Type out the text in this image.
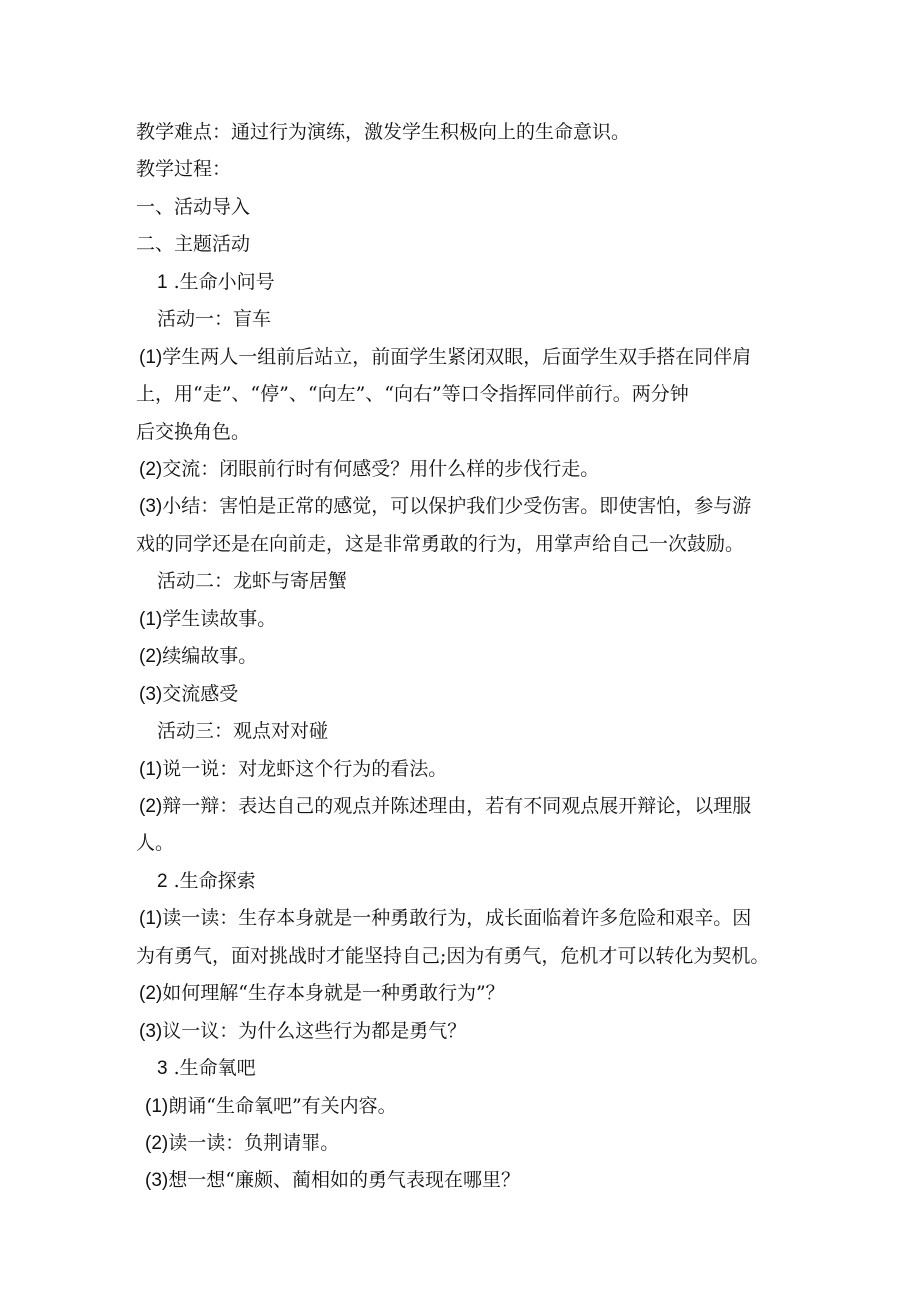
教学难点：通过行为演练，激发学生积极向上的生命意识。
教学过程：
一、活动导入
二、主题活动
1 .生命小问号
活动一：盲车
(1)学生两人一组前后站立，前面学生紧闭双眼，后面学生双手搭在同伴肩
上，用“走”、“停”、“向左”、“向右”等口令指挥同伴前行。两分钟
后交换角色。
(2)交流：闭眼前行时有何感受？用什么样的步伐行走。
(3)小结：害怕是正常的感觉，可以保护我们少受伤害。即使害怕，参与游
戏的同学还是在向前走，这是非常勇敢的行为，用掌声给自己一次鼓励。
活动二：龙虾与寄居蟹
(1)学生读故事。
(2)续编故事。
(3)交流感受
活动三：观点对对碰
(1)说一说：对龙虾这个行为的看法。
(2)辩一辩：表达自己的观点并陈述理由，若有不同观点展开辩论，以理服
人。
2 .生命探索
(1)读一读：生存本身就是一种勇敢行为，成长面临着许多危险和艰辛。因
为有勇气，面对挑战时才能坚持自己;因为有勇气，危机才可以转化为契机。
(2)如何理解“生存本身就是一种勇敢行为”？
(3)议一议：为什么这些行为都是勇气？
3 .生命氧吧
(1)朗诵“生命氧吧”有关内容。
(2)读一读：负荆请罪。
(3)想一想“廉颇、蔺相如的勇气表现在哪里？
